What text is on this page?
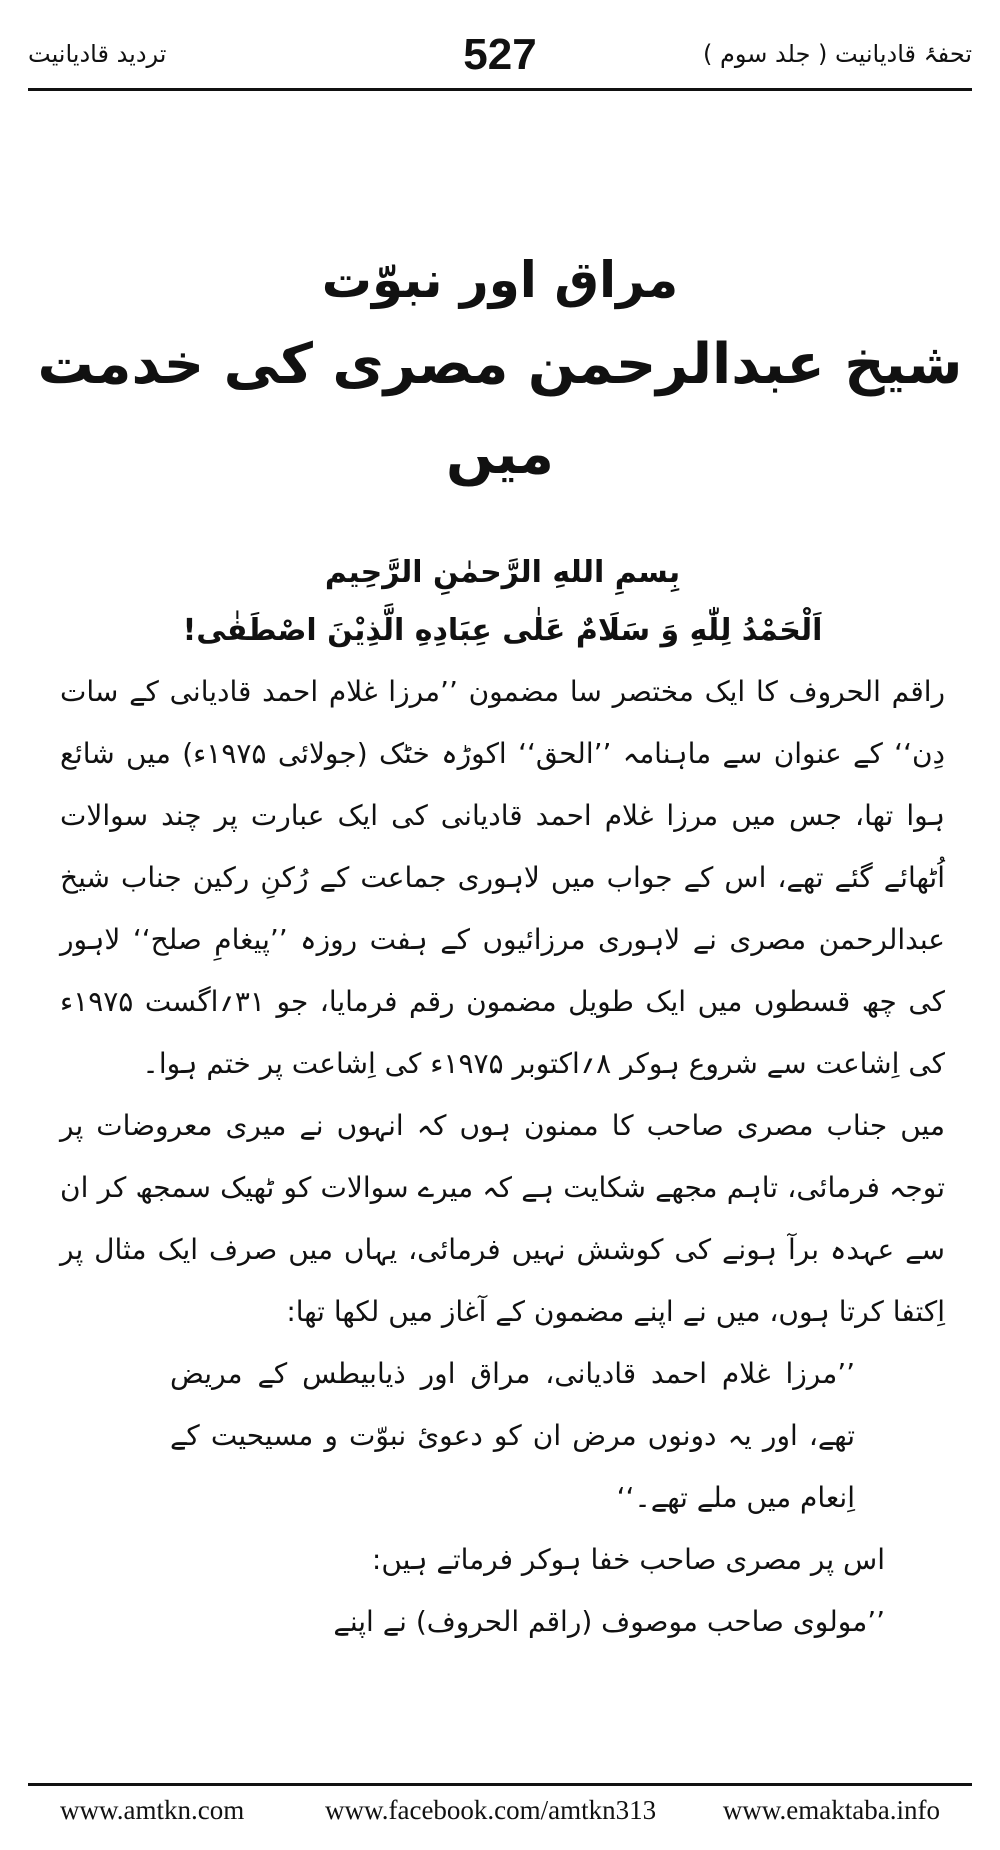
تردید قادیانیت	527	تحفۂ قادیانیت ( جلد سوم )
مراق اور نبوّت
شیخ عبدالرحمن مصری کی خدمت میں
بِسمِ اللهِ الرَّحمٰنِ الرَّحِیم
اَلْحَمْدُ لِلّٰهِ وَ سَلَامٌ عَلٰی عِبَادِهِ الَّذِیْنَ اصْطَفٰی!

راقم الحروف کا ایک مختصر سا مضمون ’’مرزا غلام احمد قادیانی کے سات دِن‘‘ کے عنوان سے ماہنامہ ’’الحق‘‘ اکوڑہ خٹک (جولائی ۱۹۷۵ء) میں شائع ہوا تھا، جس میں مرزا غلام احمد قادیانی کی ایک عبارت پر چند سوالات اُٹھائے گئے تھے، اس کے جواب میں لاہوری جماعت کے رُکنِ رکین جناب شیخ عبدالرحمن مصری نے لاہوری مرزائیوں کے ہفت روزہ ’’پیغامِ صلح‘‘ لاہور کی چھ قسطوں میں ایک طویل مضمون رقم فرمایا، جو ۳۱؍اگست ۱۹۷۵ء کی اِشاعت سے شروع ہوکر ۸؍اکتوبر ۱۹۷۵ء کی اِشاعت پر ختم ہوا۔

میں جناب مصری صاحب کا ممنون ہوں کہ انہوں نے میری معروضات پر توجہ فرمائی، تاہم مجھے شکایت ہے کہ میرے سوالات کو ٹھیک سمجھ کر ان سے عہدہ برآ ہونے کی کوشش نہیں فرمائی، یہاں میں صرف ایک مثال پر اِکتفا کرتا ہوں، میں نے اپنے مضمون کے آغاز میں لکھا تھا:

’’مرزا غلام احمد قادیانی، مراق اور ذیابیطس کے مریض تھے، اور یہ دونوں مرض ان کو دعوئ نبوّت و مسیحیت کے اِنعام میں ملے تھے۔‘‘

اس پر مصری صاحب خفا ہوکر فرماتے ہیں:

’’مولوی صاحب موصوف (راقم الحروف) نے اپنے

www.amtkn.com	www.facebook.com/amtkn313 www.emaktaba.info
